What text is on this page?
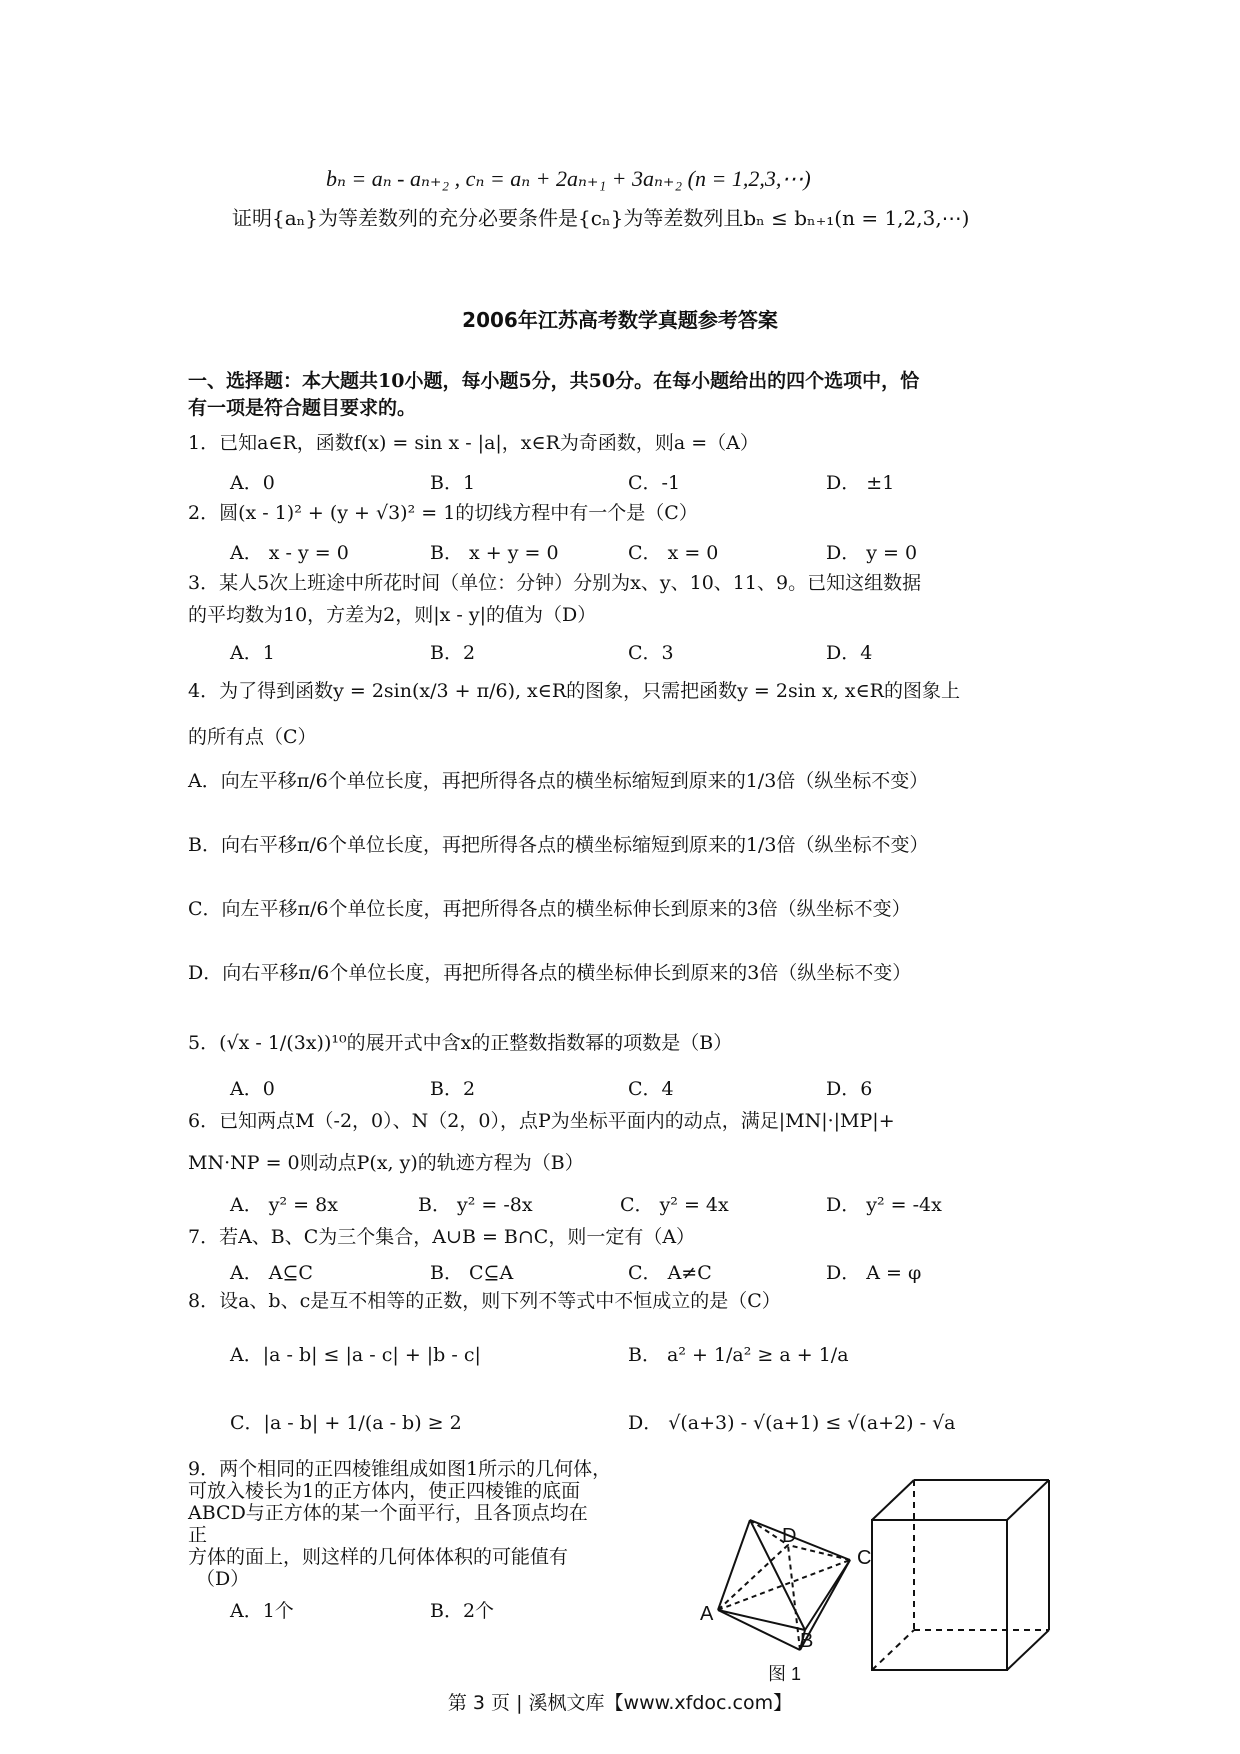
bₙ = aₙ - aₙ₊₂ , cₙ = aₙ + 2aₙ₊₁ + 3aₙ₊₂ (n = 1,2,3,⋯)
证明{aₙ}为等差数列的充分必要条件是{cₙ}为等差数列且bₙ ≤ bₙ₊₁(n = 1,2,3,⋯)
2006年江苏高考数学真题参考答案
一、选择题：本大题共10小题，每小题5分，共50分。在每小题给出的四个选项中，恰
有一项是符合题目要求的。
1．已知a∈R，函数f(x) = sin x - |a|，x∈R为奇函数，则a =（A）
A．0	B．1	C．-1	D． ±1
2．圆(x - 1)² + (y + √3)² = 1的切线方程中有一个是（C）
A． x - y = 0	B． x + y = 0	C． x = 0	D． y = 0
3．某人5次上班途中所花时间（单位：分钟）分别为x、y、10、11、9。已知这组数据
的平均数为10，方差为2，则|x - y|的值为（D）
A．1	B．2	C．3	D．4
4．为了得到函数y = 2sin(x/3 + π/6), x∈R的图象，只需把函数y = 2sin x, x∈R的图象上
的所有点（C）
A．向左平移π/6个单位长度，再把所得各点的横坐标缩短到原来的1/3倍（纵坐标不变）
B．向右平移π/6个单位长度，再把所得各点的横坐标缩短到原来的1/3倍（纵坐标不变）
C．向左平移π/6个单位长度，再把所得各点的横坐标伸长到原来的3倍（纵坐标不变）
D．向右平移π/6个单位长度，再把所得各点的横坐标伸长到原来的3倍（纵坐标不变）
5．(√x - 1/(3x))¹⁰的展开式中含x的正整数指数幂的项数是（B）
A．0	B．2	C．4	D．6
6．已知两点M（-2，0）、N（2，0），点P为坐标平面内的动点，满足|MN|·|MP|+
MN·NP = 0则动点P(x, y)的轨迹方程为（B）
A． y² = 8x	B． y² = -8x	C． y² = 4x	D． y² = -4x
7．若A、B、C为三个集合，A∪B = B∩C，则一定有（A）
A． A⊆C	B． C⊆A	C． A≠C	D． A = φ
8．设a、b、c是互不相等的正数，则下列不等式中不恒成立的是（C）
A．|a - b| ≤ |a - c| + |b - c|	B． a² + 1/a² ≥ a + 1/a
C．|a - b| + 1/(a - b) ≥ 2	D． √(a+3) - √(a+1) ≤ √(a+2) - √a
9．两个相同的正四棱锥组成如图1所示的几何体，
可放入棱长为1的正方体内，使正四棱锥的底面
ABCD与正方体的某一个面平行，且各顶点均在
正
方体的面上，则这样的几何体体积的可能值有
（D）
A．1个	B．2个	A
B
C
D
图 1
第 3 页 | 溪枫文库【www.xfdoc.com】
